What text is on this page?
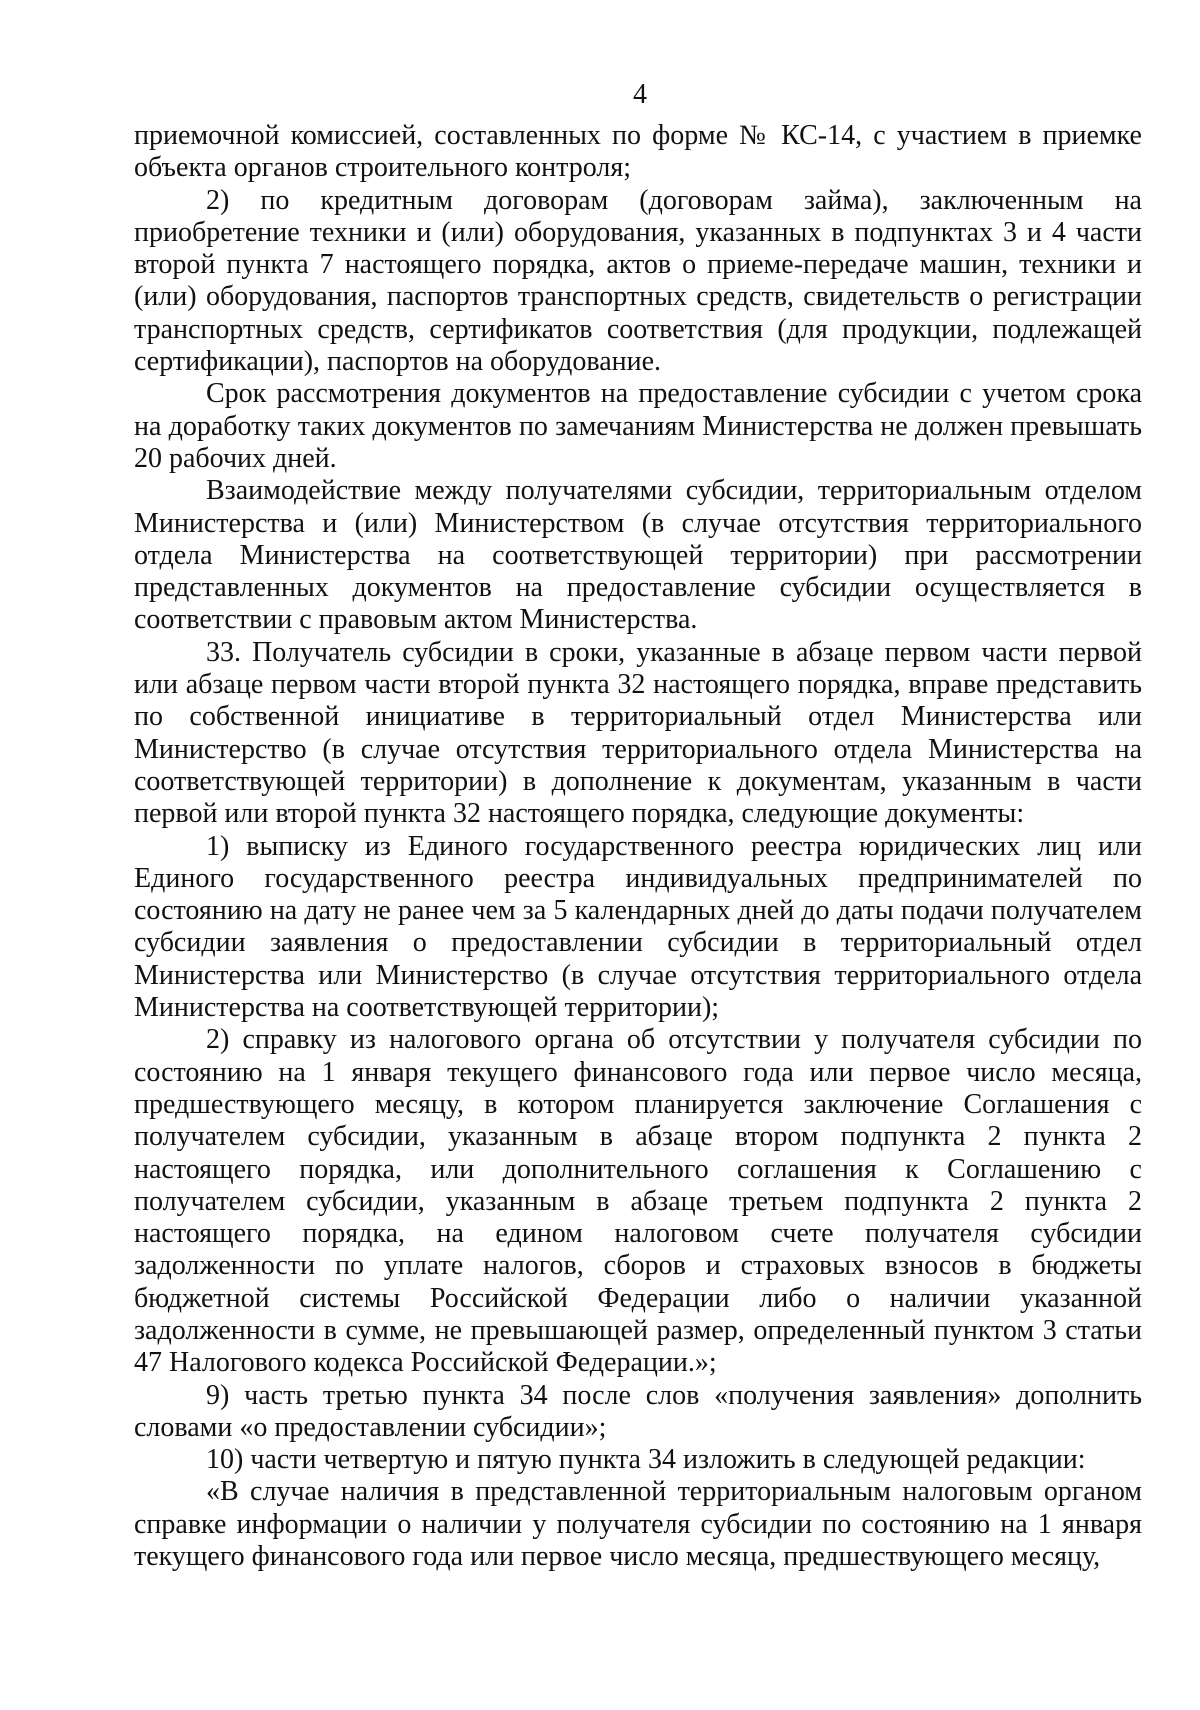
4

приемочной комиссией, составленных по форме № КС-14, с участием в приемке объекта органов строительного контроля;

2) по кредитным договорам (договорам займа), заключенным на приобретение техники и (или) оборудования, указанных в подпунктах 3 и 4 части второй пункта 7 настоящего порядка, актов о приеме-передаче машин, техники и (или) оборудования, паспортов транспортных средств, свидетельств о регистрации транспортных средств, сертификатов соответствия (для продукции, подлежащей сертификации), паспортов на оборудование.

Срок рассмотрения документов на предоставление субсидии с учетом срока на доработку таких документов по замечаниям Министерства не должен превышать 20 рабочих дней.

Взаимодействие между получателями субсидии, территориальным отделом Министерства и (или) Министерством (в случае отсутствия территориального отдела Министерства на соответствующей территории) при рассмотрении представленных документов на предоставление субсидии осуществляется в соответствии с правовым актом Министерства.

33. Получатель субсидии в сроки, указанные в абзаце первом части первой или абзаце первом части второй пункта 32 настоящего порядка, вправе представить по собственной инициативе в территориальный отдел Министерства или Министерство (в случае отсутствия территориального отдела Министерства на соответствующей территории) в дополнение к документам, указанным в части первой или второй пункта 32 настоящего порядка, следующие документы:

1) выписку из Единого государственного реестра юридических лиц или Единого государственного реестра индивидуальных предпринимателей по состоянию на дату не ранее чем за 5 календарных дней до даты подачи получателем субсидии заявления о предоставлении субсидии в территориальный отдел Министерства или Министерство (в случае отсутствия территориального отдела Министерства на соответствующей территории);

2) справку из налогового органа об отсутствии у получателя субсидии по состоянию на 1 января текущего финансового года или первое число месяца, предшествующего месяцу, в котором планируется заключение Соглашения с получателем субсидии, указанным в абзаце втором подпункта 2 пункта 2 настоящего порядка, или дополнительного соглашения к Соглашению с получателем субсидии, указанным в абзаце третьем подпункта 2 пункта 2 настоящего порядка, на едином налоговом счете получателя субсидии задолженности по уплате налогов, сборов и страховых взносов в бюджеты бюджетной системы Российской Федерации либо о наличии указанной задолженности в сумме, не превышающей размер, определенный пунктом 3 статьи 47 Налогового кодекса Российской Федерации.»;

9) часть третью пункта 34 после слов «получения заявления» дополнить словами «о предоставлении субсидии»;

10) части четвертую и пятую пункта 34 изложить в следующей редакции:

«В случае наличия в представленной территориальным налоговым органом справке информации о наличии у получателя субсидии по состоянию на 1 января текущего финансового года или первое число месяца, предшествующего месяцу,
